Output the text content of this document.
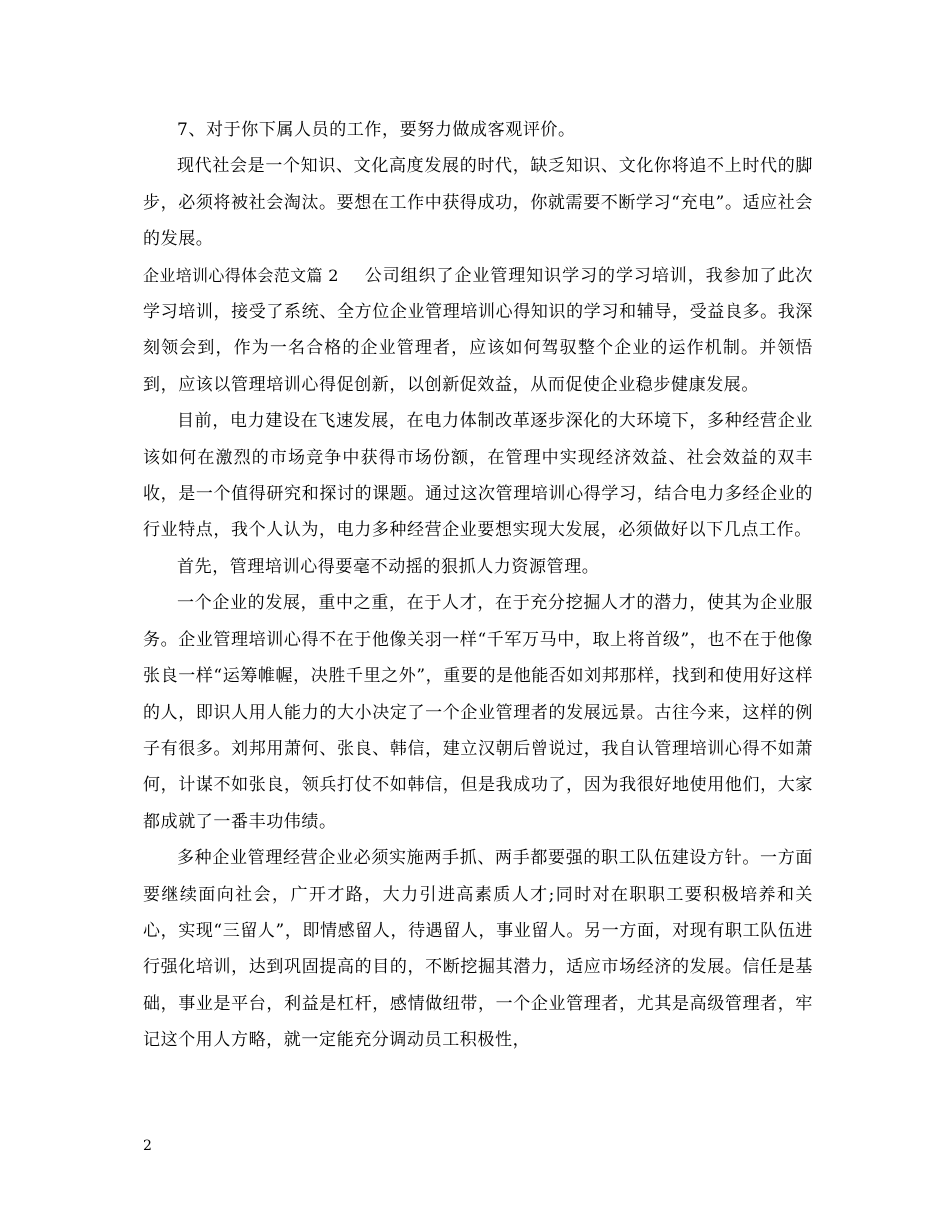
7、对于你下属人员的工作，要努力做成客观评价。

现代社会是一个知识、文化高度发展的时代，缺乏知识、文化你将追不上时代的脚步，必须将被社会淘汰。要想在工作中获得成功，你就需要不断学习“充电”。适应社会的发展。

企业培训心得体会范文篇 2 公司组织了企业管理知识学习的学习培训，我参加了此次学习培训，接受了系统、全方位企业管理培训心得知识的学习和辅导，受益良多。我深刻领会到，作为一名合格的企业管理者，应该如何驾驭整个企业的运作机制。并领悟到，应该以管理培训心得促创新，以创新促效益，从而促使企业稳步健康发展。

目前，电力建设在飞速发展，在电力体制改革逐步深化的大环境下，多种经营企业该如何在激烈的市场竞争中获得市场份额，在管理中实现经济效益、社会效益的双丰收，是一个值得研究和探讨的课题。通过这次管理培训心得学习，结合电力多经企业的行业特点，我个人认为，电力多种经营企业要想实现大发展，必须做好以下几点工作。

首先，管理培训心得要毫不动摇的狠抓人力资源管理。

一个企业的发展，重中之重，在于人才，在于充分挖掘人才的潜力，使其为企业服务。企业管理培训心得不在于他像关羽一样“千军万马中，取上将首级”，也不在于他像张良一样“运筹帷幄，决胜千里之外”，重要的是他能否如刘邦那样，找到和使用好这样的人，即识人用人能力的大小决定了一个企业管理者的发展远景。古往今来，这样的例子有很多。刘邦用萧何、张良、韩信，建立汉朝后曾说过，我自认管理培训心得不如萧何，计谋不如张良，领兵打仗不如韩信，但是我成功了，因为我很好地使用他们，大家都成就了一番丰功伟绩。

多种企业管理经营企业必须实施两手抓、两手都要强的职工队伍建设方针。一方面要继续面向社会，广开才路，大力引进高素质人才;同时对在职职工要积极培养和关心，实现“三留人”，即情感留人，待遇留人，事业留人。另一方面，对现有职工队伍进行强化培训，达到巩固提高的目的，不断挖掘其潜力，适应市场经济的发展。信任是基础，事业是平台，利益是杠杆，感情做纽带，一个企业管理者，尤其是高级管理者，牢记这个用人方略，就一定能充分调动员工积极性，

2
